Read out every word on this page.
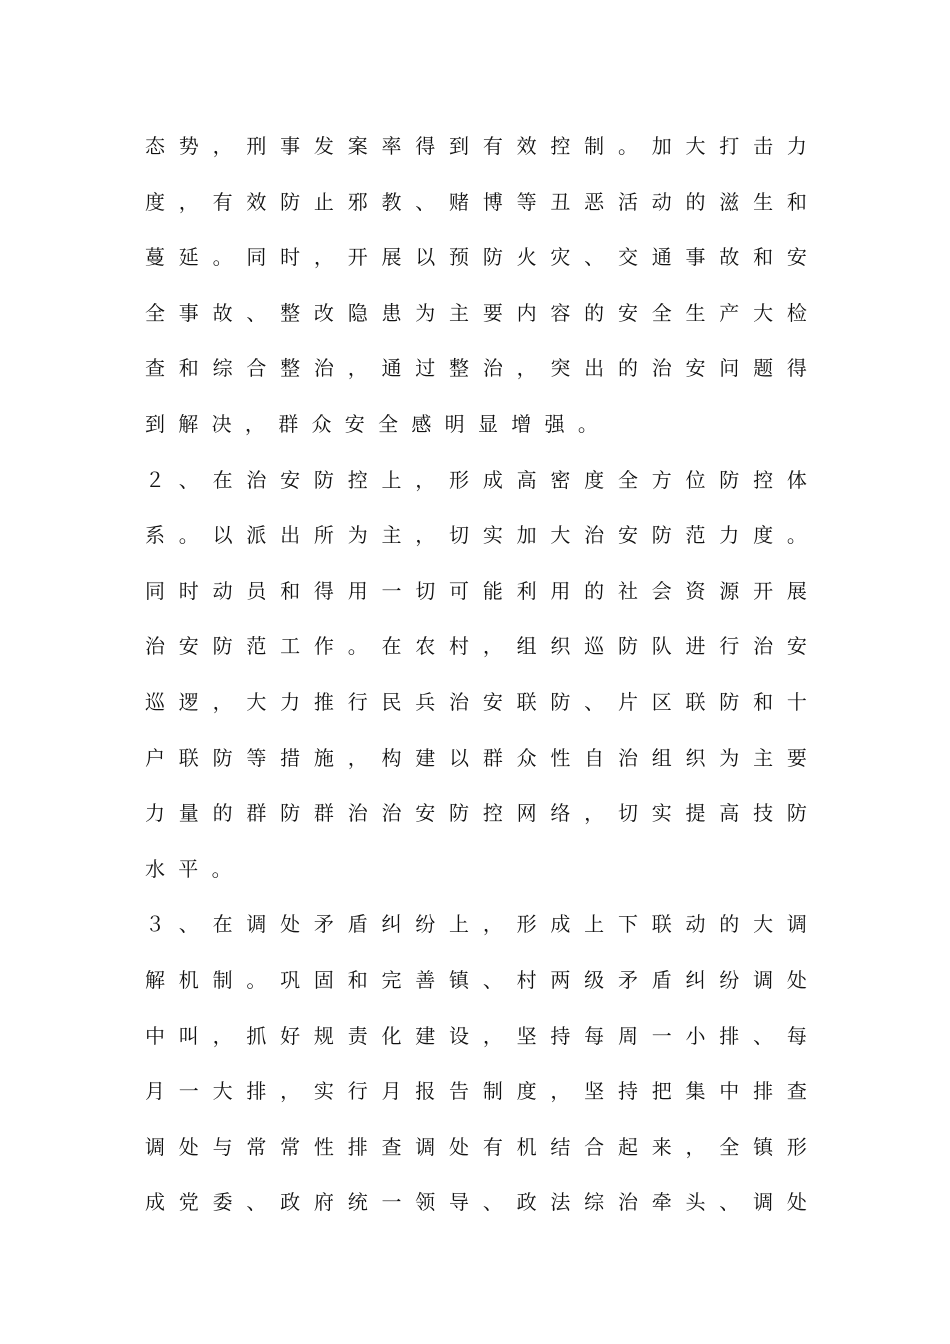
态 势 ， 刑 事 发 案 率 得 到 有 效 控 制 。 加 大 打 击 力
度 ， 有 效 防 止 邪 教 、 赌 博 等 丑 恶 活 动 的 滋 生 和
蔓 延 。 同 时 ， 开 展 以 预 防 火 灾 、 交 通 事 故 和 安
全 事 故 、 整 改 隐 患 为 主 要 内 容 的 安 全 生 产 大 检
查 和 综 合 整 治 ， 通 过 整 治 ， 突 出 的 治 安 问 题 得
到 解 决 ， 群 众 安 全 感 明 显 增 强 。
２ 、 在 治 安 防 控 上 ， 形 成 高 密 度 全 方 位 防 控 体
系 。 以 派 出 所 为 主 ， 切 实 加 大 治 安 防 范 力 度 。
同 时 动 员 和 得 用 一 切 可 能 利 用 的 社 会 资 源 开 展
治 安 防 范 工 作 。 在 农 村 ， 组 织 巡 防 队 进 行 治 安
巡 逻 ， 大 力 推 行 民 兵 治 安 联 防 、 片 区 联 防 和 十
户 联 防 等 措 施 ， 构 建 以 群 众 性 自 治 组 织 为 主 要
力 量 的 群 防 群 治 治 安 防 控 网 络 ， 切 实 提 高 技 防
水 平 。
３ 、 在 调 处 矛 盾 纠 纷 上 ， 形 成 上 下 联 动 的 大 调
解 机 制 。 巩 固 和 完 善 镇 、 村 两 级 矛 盾 纠 纷 调 处
中 叫 ， 抓 好 规 责 化 建 设 ， 坚 持 每 周 一 小 排 、 每
月 一 大 排 ， 实 行 月 报 告 制 度 ， 坚 持 把 集 中 排 查
调 处 与 常 常 性 排 查 调 处 有 机 结 合 起 来 ， 全 镇 形
成 党 委 、 政 府 统 一 领 导 、 政 法 综 治 牵 头 、 调 处
